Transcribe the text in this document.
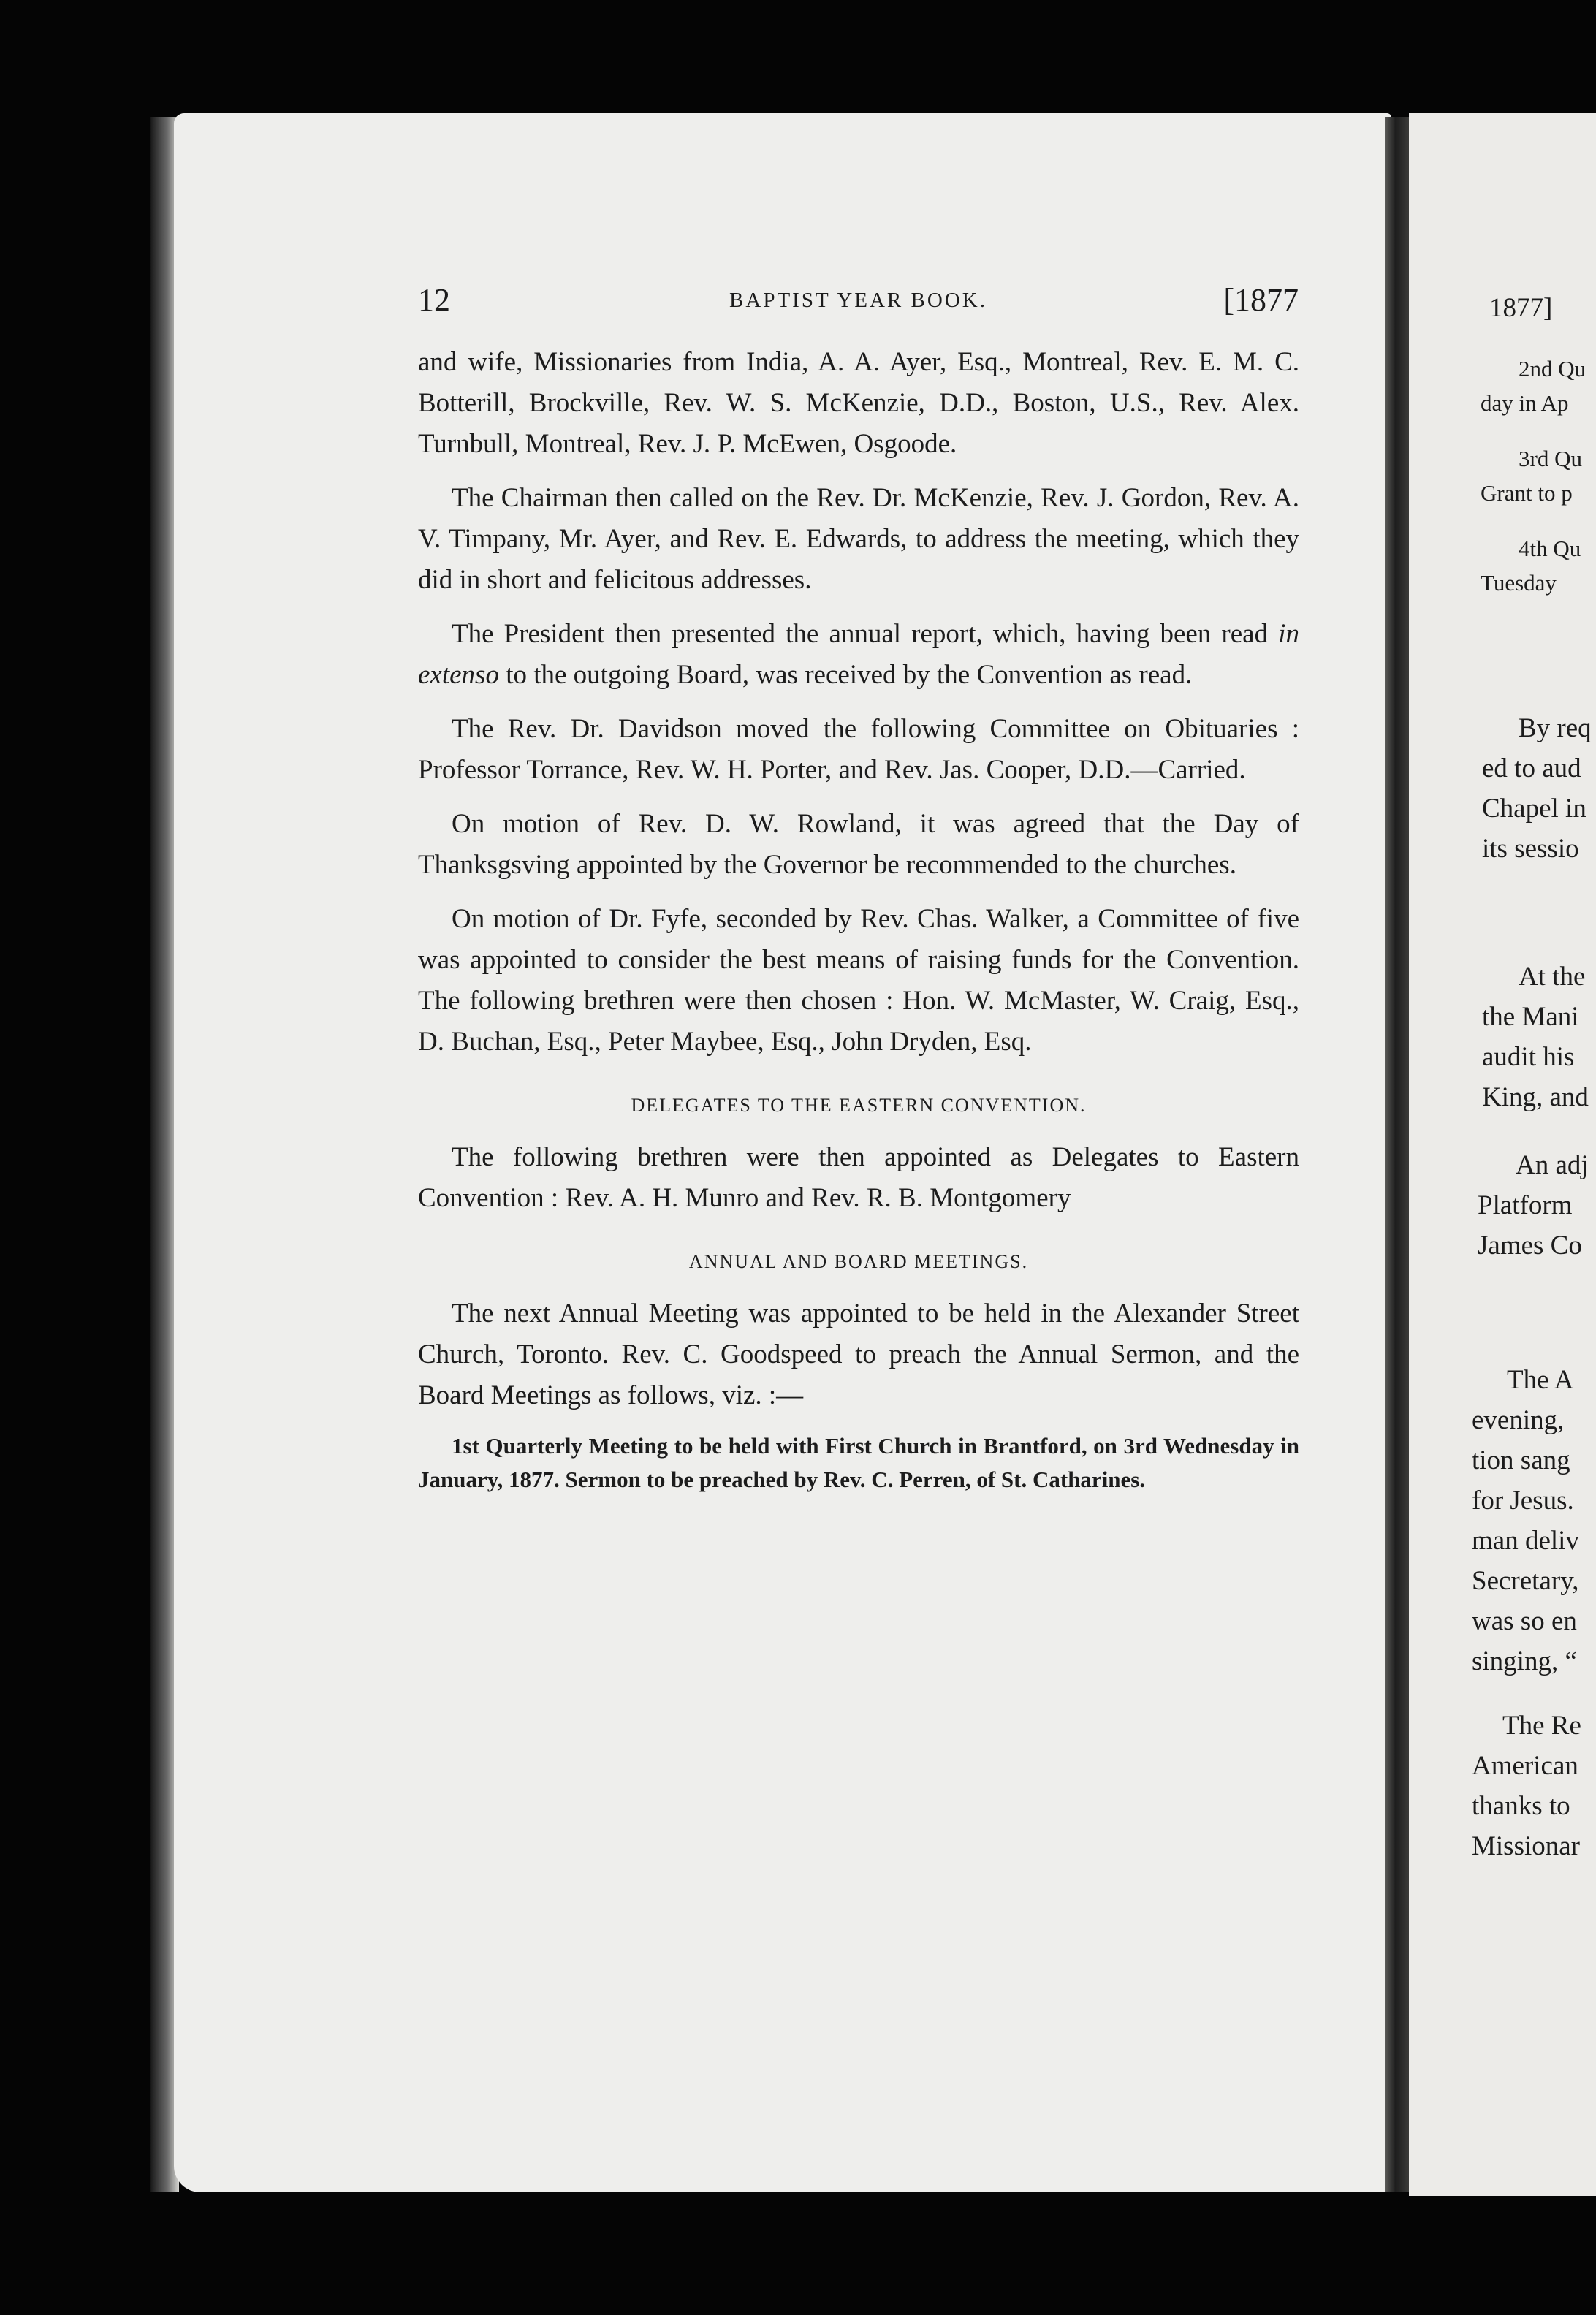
12	BAPTIST YEAR BOOK.	[1877

and wife, Missionaries from India, A. A. Ayer, Esq., Montreal, Rev. E. M. C. Botterill, Brockville, Rev. W. S. McKenzie, D.D., Boston, U.S., Rev. Alex. Turnbull, Montreal, Rev. J. P. McEwen, Osgoode.

The Chairman then called on the Rev. Dr. McKenzie, Rev. J. Gordon, Rev. A. V. Timpany, Mr. Ayer, and Rev. E. Edwards, to address the meeting, which they did in short and felicitous addresses.

The President then presented the annual report, which, having been read in extenso to the outgoing Board, was received by the Convention as read.

The Rev. Dr. Davidson moved the following Committee on Obituaries : Professor Torrance, Rev. W. H. Porter, and Rev. Jas. Cooper, D.D.—Carried.

On motion of Rev. D. W. Rowland, it was agreed that the Day of Thanksgsving appointed by the Governor be recommended to the churches.

On motion of Dr. Fyfe, seconded by Rev. Chas. Walker, a Committee of five was appointed to consider the best means of raising funds for the Convention. The following brethren were then chosen : Hon. W. McMaster, W. Craig, Esq., D. Buchan, Esq., Peter Maybee, Esq., John Dryden, Esq.

DELEGATES TO THE EASTERN CONVENTION.

The following brethren were then appointed as Delegates to Eastern Convention : Rev. A. H. Munro and Rev. R. B. Montgomery

ANNUAL AND BOARD MEETINGS.

The next Annual Meeting was appointed to be held in the Alexander Street Church, Toronto. Rev. C. Goodspeed to preach the Annual Sermon, and the Board Meetings as follows, viz. :—

1st Quarterly Meeting to be held with First Church in Brantford, on 3rd Wednesday in January, 1877. Sermon to be preached by Rev. C. Perren, of St. Catharines.

1877]
2nd Qu
day in Ap
3rd Qu
Grant to p
4th Qu
Tuesday
By req
ed to aud
Chapel in
its sessio
At the
the Mani
audit his
King, and
An adj
Platform
James Co
The A
evening,
tion sang
for Jesus.
man deliv
Secretary,
was so en
singing, “
The Re
American
thanks to
Missionar
